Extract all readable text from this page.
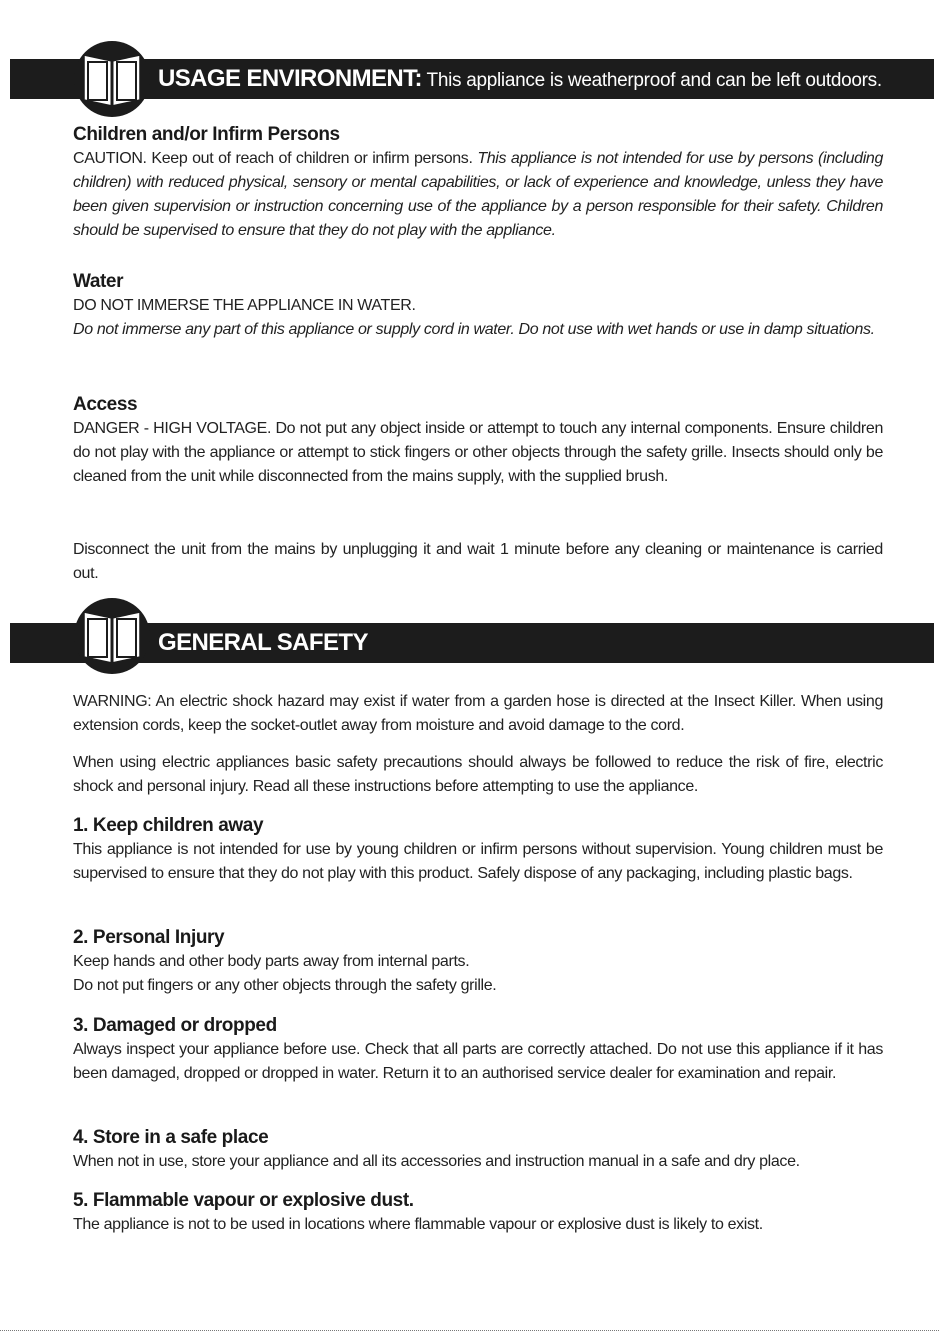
USAGE ENVIRONMENT: This appliance is weatherproof and can be left outdoors.
Children and/or Infirm Persons

CAUTION. Keep out of reach of children or infirm persons. This appliance is not intended for use by persons (including children) with reduced physical, sensory or mental capabilities, or lack of experience and knowledge, unless they have been given supervision or instruction concerning use of the appliance by a person responsible for their safety. Children should be supervised to ensure that they do not play with the appliance.

Water

DO NOT IMMERSE THE APPLIANCE IN WATER.

Do not immerse any part of this appliance or supply cord in water. Do not use with wet hands or use in damp situations.

Access

DANGER - HIGH VOLTAGE. Do not put any object inside or attempt to touch any internal components. Ensure children do not play with the appliance or attempt to stick fingers or other objects through the safety grille. Insects should only be cleaned from the unit while disconnected from the mains supply, with the supplied brush.

Disconnect the unit from the mains by unplugging it and wait 1 minute before any cleaning or maintenance is carried out.

GENERAL SAFETY

WARNING: An electric shock hazard may exist if water from a garden hose is directed at the Insect Killer. When using extension cords, keep the socket-outlet away from moisture and avoid damage to the cord.

When using electric appliances basic safety precautions should always be followed to reduce the risk of fire, electric shock and personal injury. Read all these instructions before attempting to use the appliance.

1. Keep children away

This appliance is not intended for use by young children or infirm persons without supervision. Young children must be supervised to ensure that they do not play with this product. Safely dispose of any packaging, including plastic bags.

2. Personal Injury

Keep hands and other body parts away from internal parts.

Do not put fingers or any other objects through the safety grille.

3. Damaged or dropped

Always inspect your appliance before use. Check that all parts are correctly attached. Do not use this appliance if it has been damaged, dropped or dropped in water. Return it to an authorised service dealer for examination and repair.

4. Store in a safe place

When not in use, store your appliance and all its accessories and instruction manual in a safe and dry place.

5. Flammable vapour or explosive dust.

The appliance is not to be used in locations where flammable vapour or explosive dust is likely to exist.
